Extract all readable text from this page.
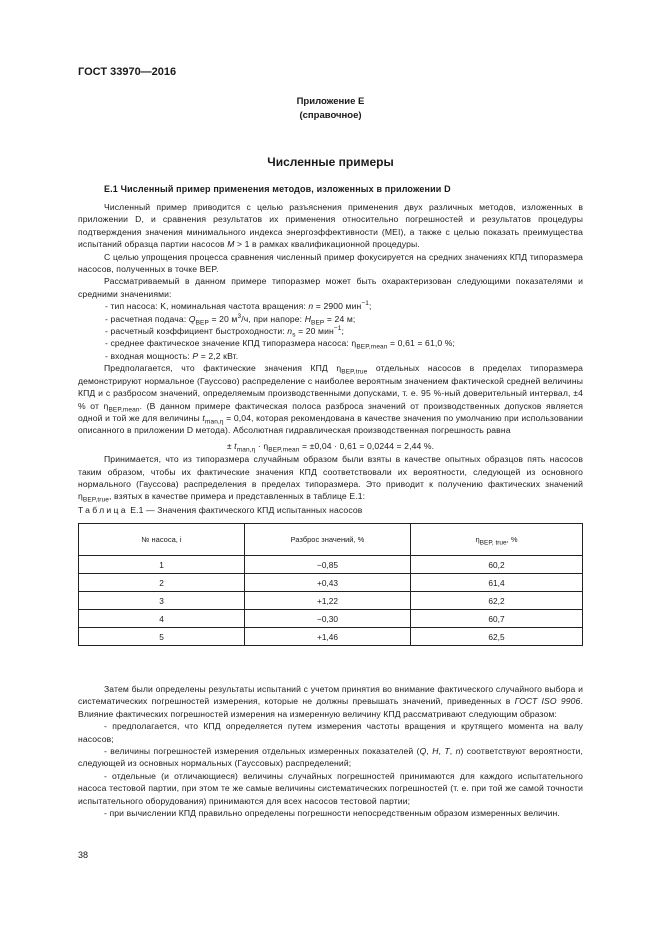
ГОСТ 33970—2016
Приложение E
(справочное)
Численные примеры
E.1 Численный пример применения методов, изложенных в приложении D

Численный пример приводится с целью разъяснения применения двух различных методов, изложенных в приложении D, и сравнения результатов их применения относительно погрешностей и результатов процедуры подтверждения значения минимального индекса энергоэффективности (MEI), а также с целью показать преимущества испытаний образца партии насосов M > 1 в рамках квалификационной процедуры.

С целью упрощения процесса сравнения численный пример фокусируется на средних значениях КПД типоразмера насосов, полученных в точке BEP.

Рассматриваемый в данном примере типоразмер может быть охарактеризован следующими показателями и средними значениями:

- тип насоса: K, номинальная частота вращения: n = 2900 мин$^{-1}$;

- расчетная подача: $Q_{BEP} = 20$ $м^3/ч$, при напоре: $H_{BEP} = 24$ м;

- расчетный коэффициент быстроходности: $n_s = 20$ мин$^{-1}$;

- среднее фактическое значение КПД типоразмера насоса: $\eta_{BEP,mean} = 0,61 = 61,0$ %;

- входная мощность: P = 2,2 кВт.

Предполагается, что фактические значения КПД $\eta_{BEP,true}$ отдельных насосов в пределах типоразмера демонстрируют нормальное (Гауссово) распределение с наиболее вероятным значением фактической средней величины КПД и с разбросом значений, определяемым производственными допусками, т. е. 95 %-ный доверительный интервал, ±4 % от $\eta_{BEP,mean}$. (В данном примере фактическая полоса разброса значений от производственных допусков является одной и той же для величины $t_{man,\eta} = 0,04$, которая рекомендована в качестве значения по умолчанию при использовании описанного в приложении D метода). Абсолютная гидравлическая производственная погрешность равна

± $t_{man,\eta} \cdot \eta_{BEP,mean} = \pm 0,04 \cdot 0,61 = 0,0244 = 2,44$ %.

Принимается, что из типоразмера случайным образом были взяты в качестве опытных образцов пять насосов таким образом, чтобы их фактические значения КПД соответствовали их вероятности, следующей из основного нормального (Гауссова) распределения в пределах типоразмера. Это приводит к получению фактических значений $\eta_{BEP,true}$, взятых в качестве примера и представленных в таблице E.1:

Таблица E.1 — Значения фактического КПД испытанных насосов
№ насоса, i	Разброс значений, %	$\eta_{BEP, true}$, %
1	−0,85	60,2
2	+0,43	61,4
3	+1,22	62,2
4	−0,30	60,7
5	+1,46	62,5

Затем были определены результаты испытаний с учетом принятия во внимание фактического случайного выбора и систематических погрешностей измерения, которые не должны превышать значений, приведенных в ГОСТ ISO 9906. Влияние фактических погрешностей измерения на измеренную величину КПД рассматривают следующим образом:

- предполагается, что КПД определяется путем измерения частоты вращения и крутящего момента на валу насосов;

- величины погрешностей измерения отдельных измеренных показателей (Q, H, T, n) соответствуют вероятности, следующей из основных нормальных (Гауссовых) распределений;

- отдельные (и отличающиеся) величины случайных погрешностей принимаются для каждого испытательного насоса тестовой партии, при этом те же самые величины систематических погрешностей (т. е. при той же самой точности испытательного оборудования) принимаются для всех насосов тестовой партии;

- при вычислении КПД правильно определены погрешности непосредственным образом измеренных величин.

38
